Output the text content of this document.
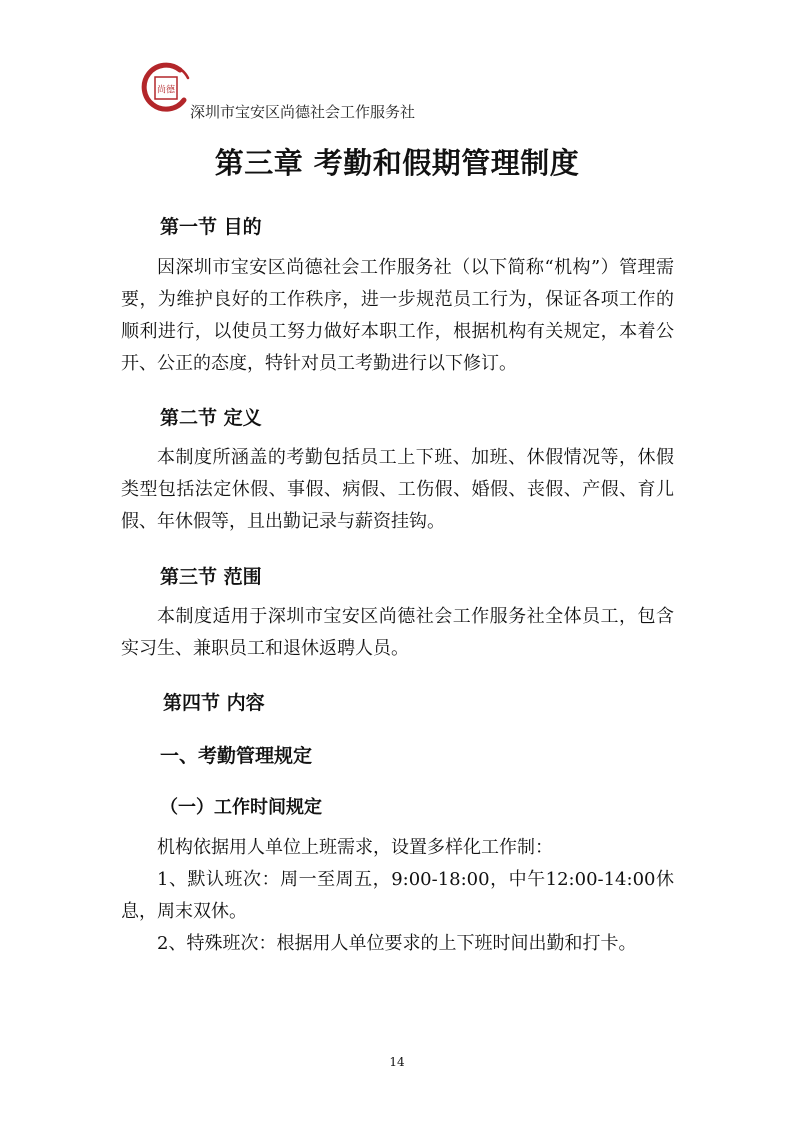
尚德
深圳市宝安区尚德社会工作服务社
第三章 考勤和假期管理制度
第一节 目的

因深圳市宝安区尚德社会工作服务社（以下简称“机构”）管理需要，为维护良好的工作秩序，进一步规范员工行为，保证各项工作的顺利进行，以使员工努力做好本职工作，根据机构有关规定，本着公开、公正的态度，特针对员工考勤进行以下修订。

第二节 定义

本制度所涵盖的考勤包括员工上下班、加班、休假情况等，休假类型包括法定休假、事假、病假、工伤假、婚假、丧假、产假、育儿假、年休假等，且出勤记录与薪资挂钩。

第三节 范围

本制度适用于深圳市宝安区尚德社会工作服务社全体员工，包含实习生、兼职员工和退休返聘人员。

第四节 内容
一、考勤管理规定
（一）工作时间规定

机构依据用人单位上班需求，设置多样化工作制：

1、默认班次：周一至周五，9:00-18:00，中午12:00-14:00休息，周末双休。

2、特殊班次：根据用人单位要求的上下班时间出勤和打卡。

14
